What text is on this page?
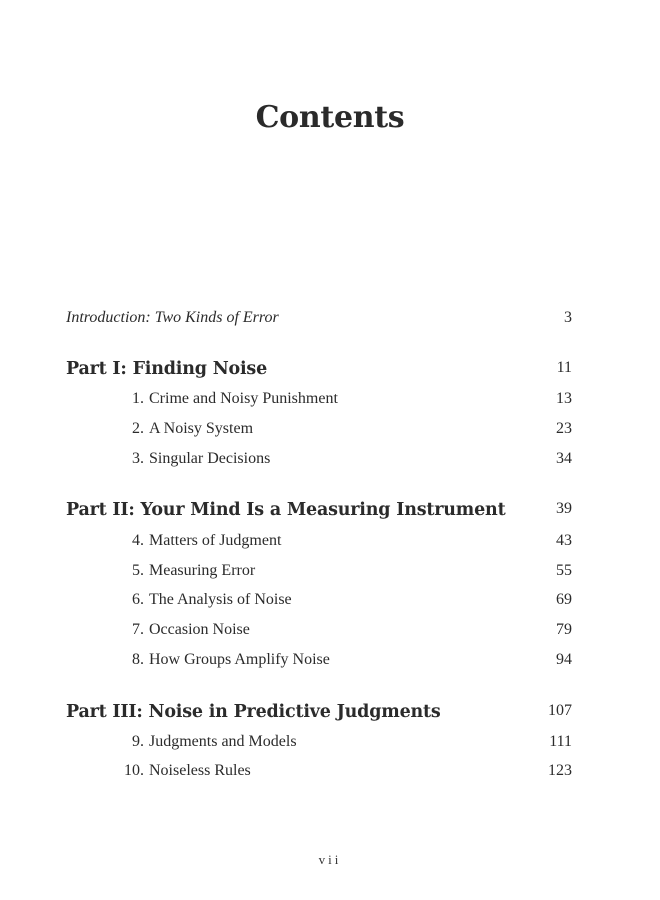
Contents
Introduction: Two Kinds of Error	3
Part I: Finding Noise	11
1. Crime and Noisy Punishment	13
2. A Noisy System	23
3. Singular Decisions	34
Part II: Your Mind Is a Measuring Instrument	39
4. Matters of Judgment	43
5. Measuring Error	55
6. The Analysis of Noise	69
7. Occasion Noise	79
8. How Groups Amplify Noise	94
Part III: Noise in Predictive Judgments	107
9. Judgments and Models	111
10. Noiseless Rules	123
vii
